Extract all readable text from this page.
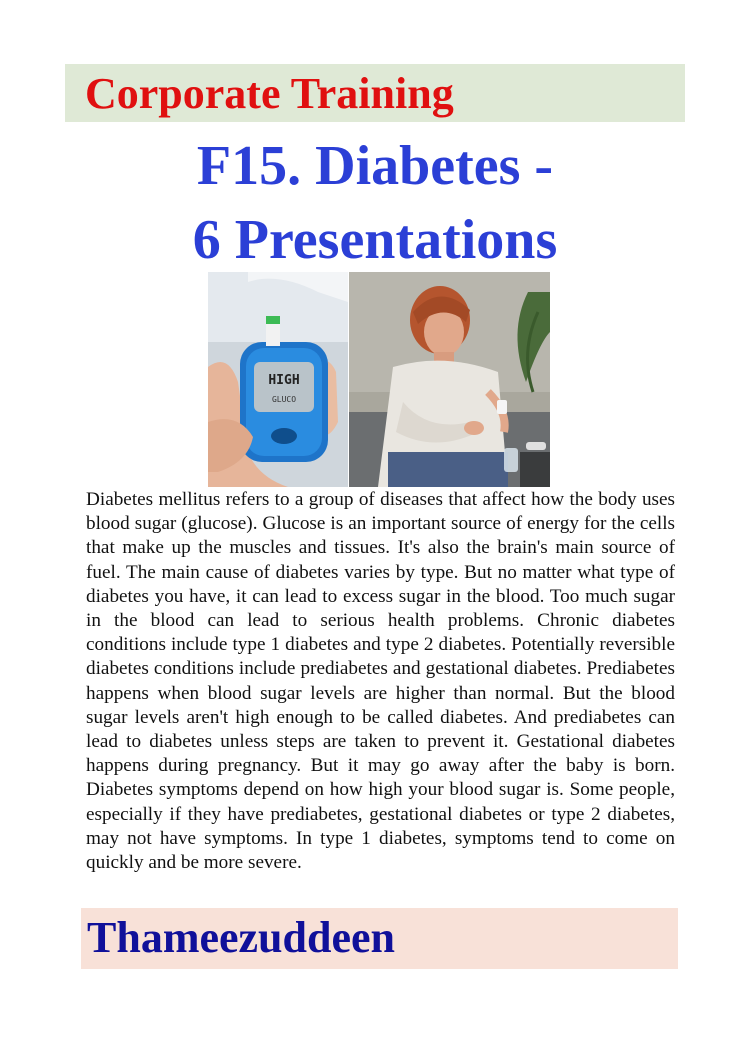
Corporate Training
F15. Diabetes -
6 Presentations
HIGH
GLUCO

Diabetes mellitus refers to a group of diseases that affect how the body uses blood sugar (glucose). Glucose is an important source of energy for the cells that make up the muscles and tissues. It's also the brain's main source of fuel. The main cause of diabetes varies by type. But no matter what type of diabetes you have, it can lead to excess sugar in the blood. Too much sugar in the blood can lead to serious health problems. Chronic diabetes conditions include type 1 diabetes and type 2 diabetes. Potentially reversible diabetes conditions include prediabetes and gestational diabetes. Prediabetes happens when blood sugar levels are higher than normal. But the blood sugar levels aren't high enough to be called diabetes. And prediabetes can lead to diabetes unless steps are taken to prevent it. Gestational diabetes happens during pregnancy. But it may go away after the baby is born. Diabetes symptoms depend on how high your blood sugar is. Some people, especially if they have prediabetes, gestational diabetes or type 2 diabetes, may not have symptoms. In type 1 diabetes, symptoms tend to come on quickly and be more severe.

Thameezuddeen
